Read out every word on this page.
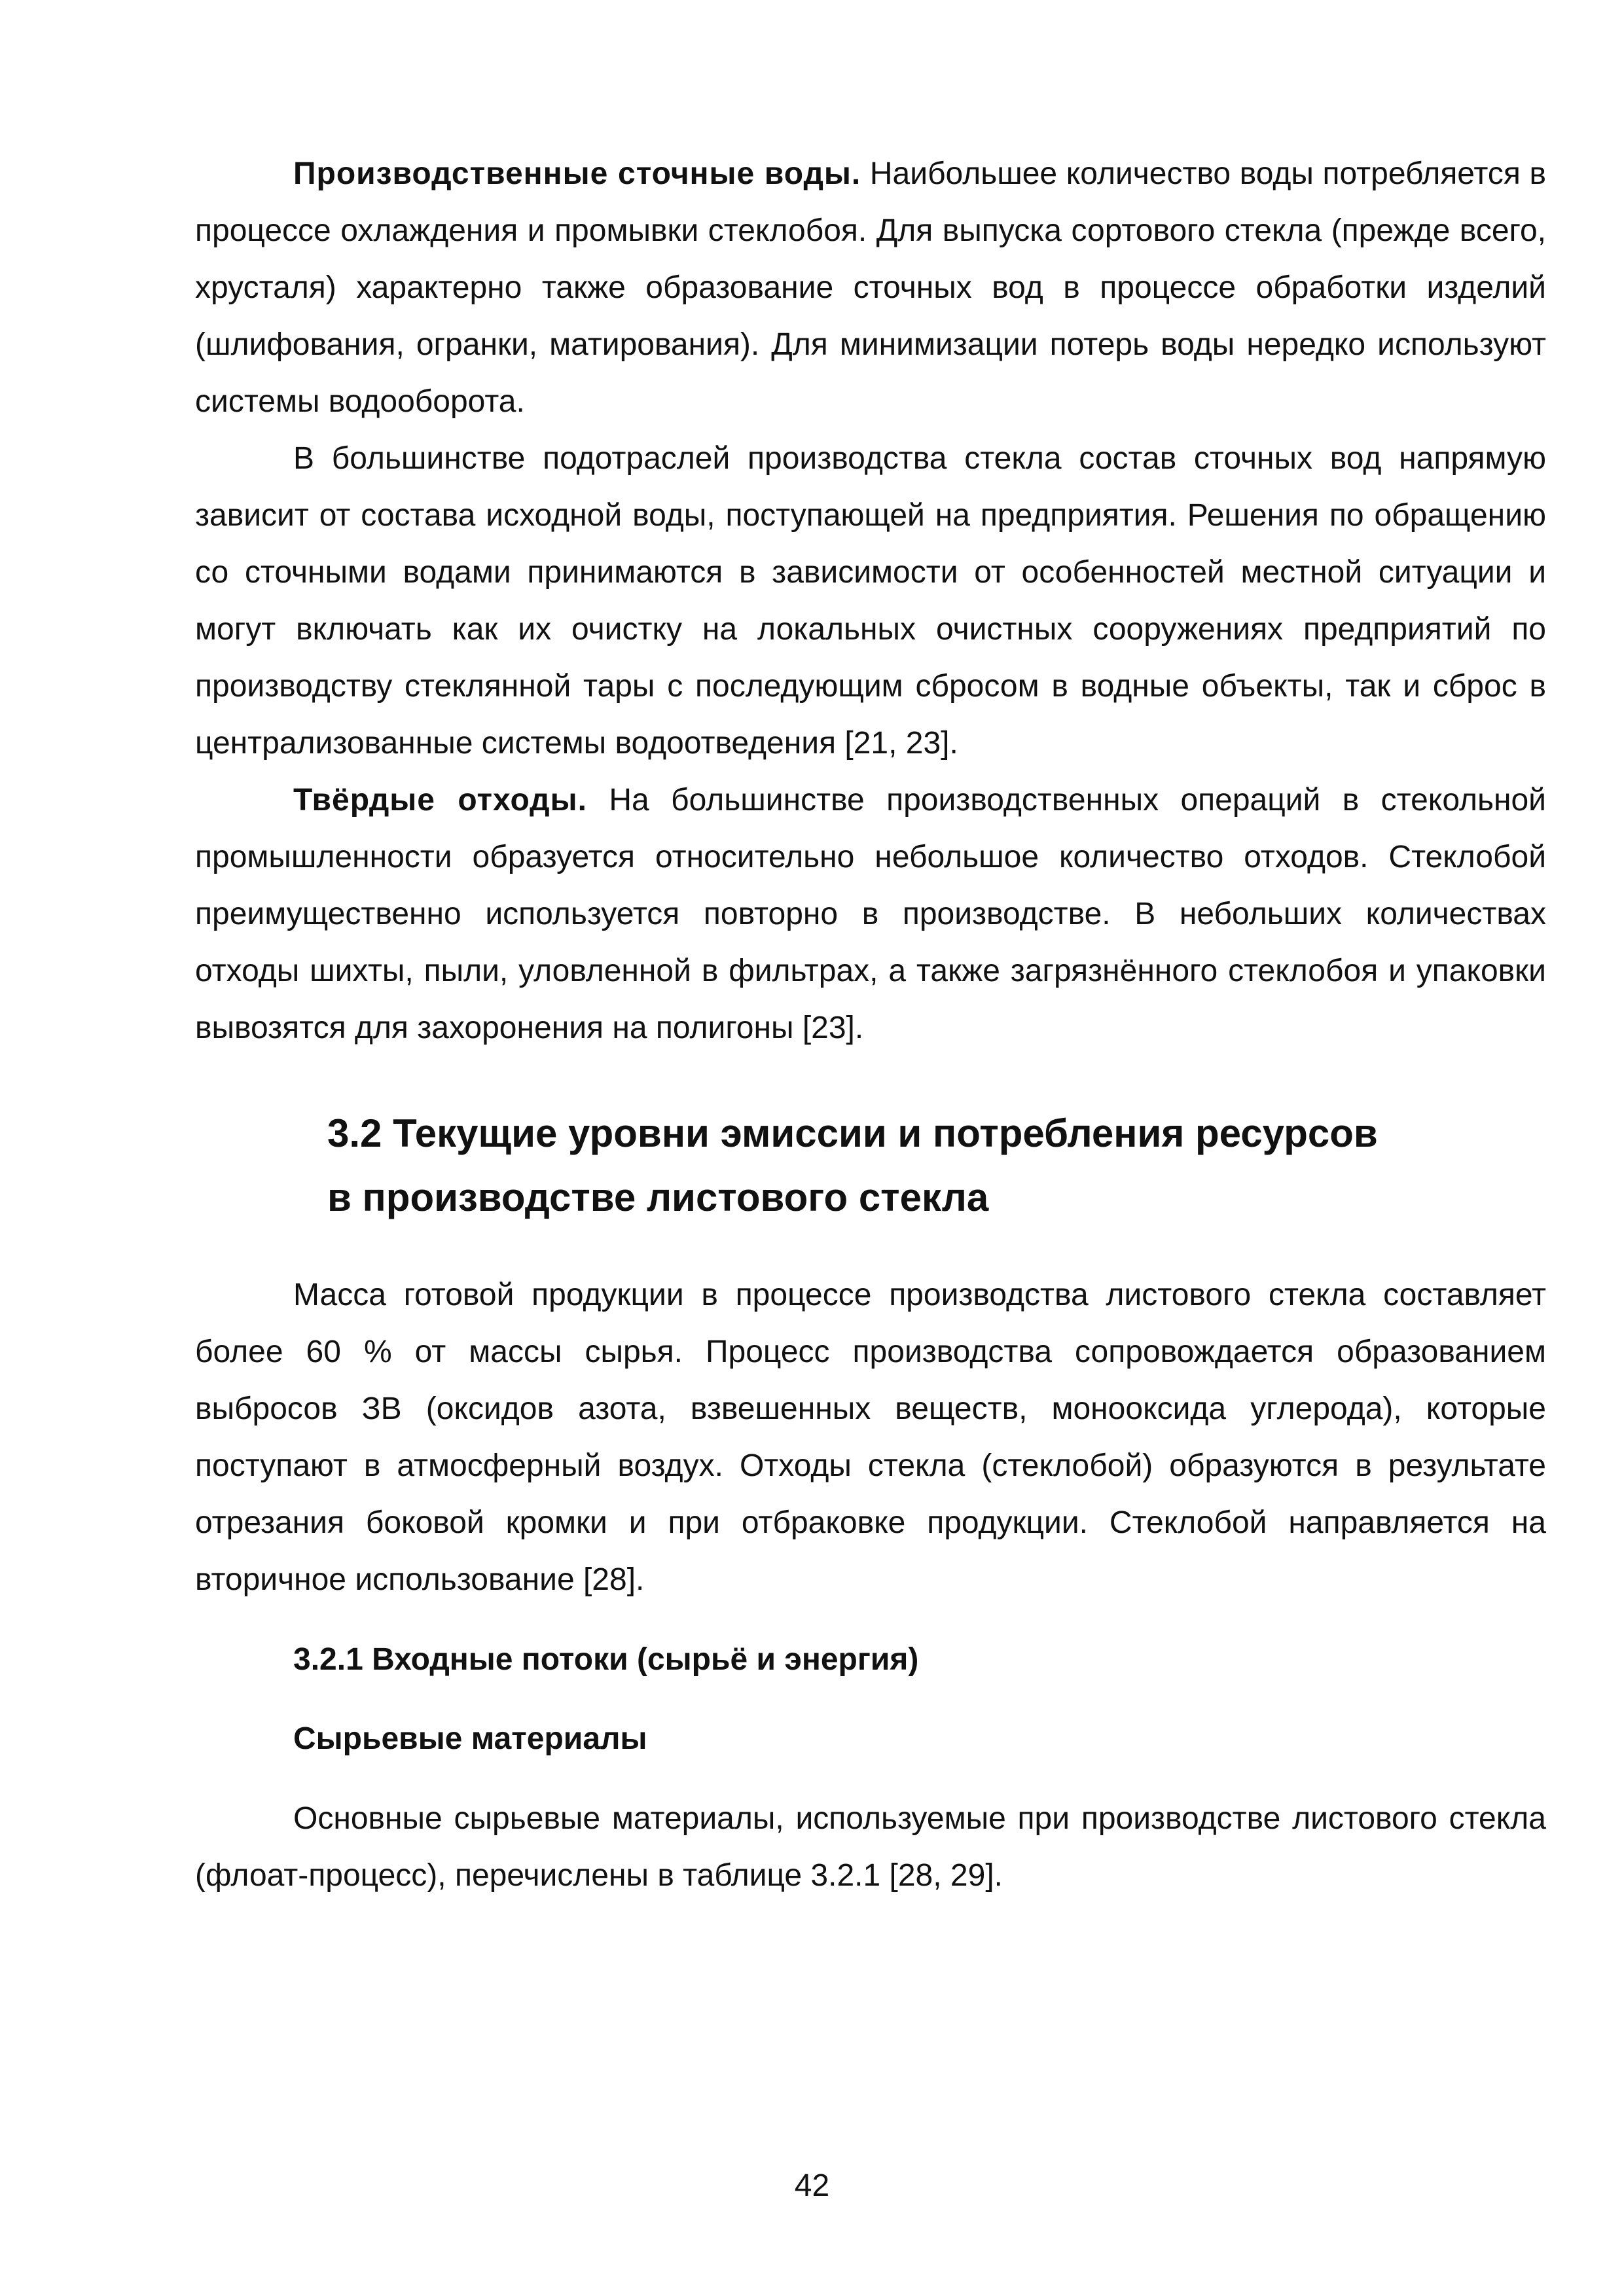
Производственные сточные воды. Наибольшее количество воды потребляется в процессе охлаждения и промывки стеклобоя. Для выпуска сортового стекла (прежде всего, хрусталя) характерно также образование сточных вод в процессе обработки изделий (шлифования, огранки, матирования). Для минимизации потерь воды нередко используют системы водооборота.

В большинстве подотраслей производства стекла состав сточных вод напрямую зависит от состава исходной воды, поступающей на предприятия. Решения по обращению со сточными водами принимаются в зависимости от особенностей местной ситуации и могут включать как их очистку на локальных очистных сооружениях предприятий по производству стеклянной тары с последующим сбросом в водные объекты, так и сброс в централизованные системы водоотведения [21, 23].

Твёрдые отходы. На большинстве производственных операций в стекольной промышленности образуется относительно небольшое количество отходов. Стеклобой преимущественно используется повторно в производстве. В небольших количествах отходы шихты, пыли, уловленной в фильтрах, а также загрязнённого стеклобоя и упаковки вывозятся для захоронения на полигоны [23].

3.2 Текущие уровни эмиссии и потребления ресурсов в производстве листового стекла

Масса готовой продукции в процессе производства листового стекла составляет более 60 % от массы сырья. Процесс производства сопровождается образованием выбросов ЗВ (оксидов азота, взвешенных веществ, монооксида углерода), которые поступают в атмосферный воздух. Отходы стекла (стеклобой) образуются в результате отрезания боковой кромки и при отбраковке продукции. Стеклобой направляется на вторичное использование [28].

3.2.1 Входные потоки (сырьё и энергия)
Сырьевые материалы

Основные сырьевые материалы, используемые при производстве листового стекла (флоат-процесс), перечислены в таблице 3.2.1 [28, 29].

42
